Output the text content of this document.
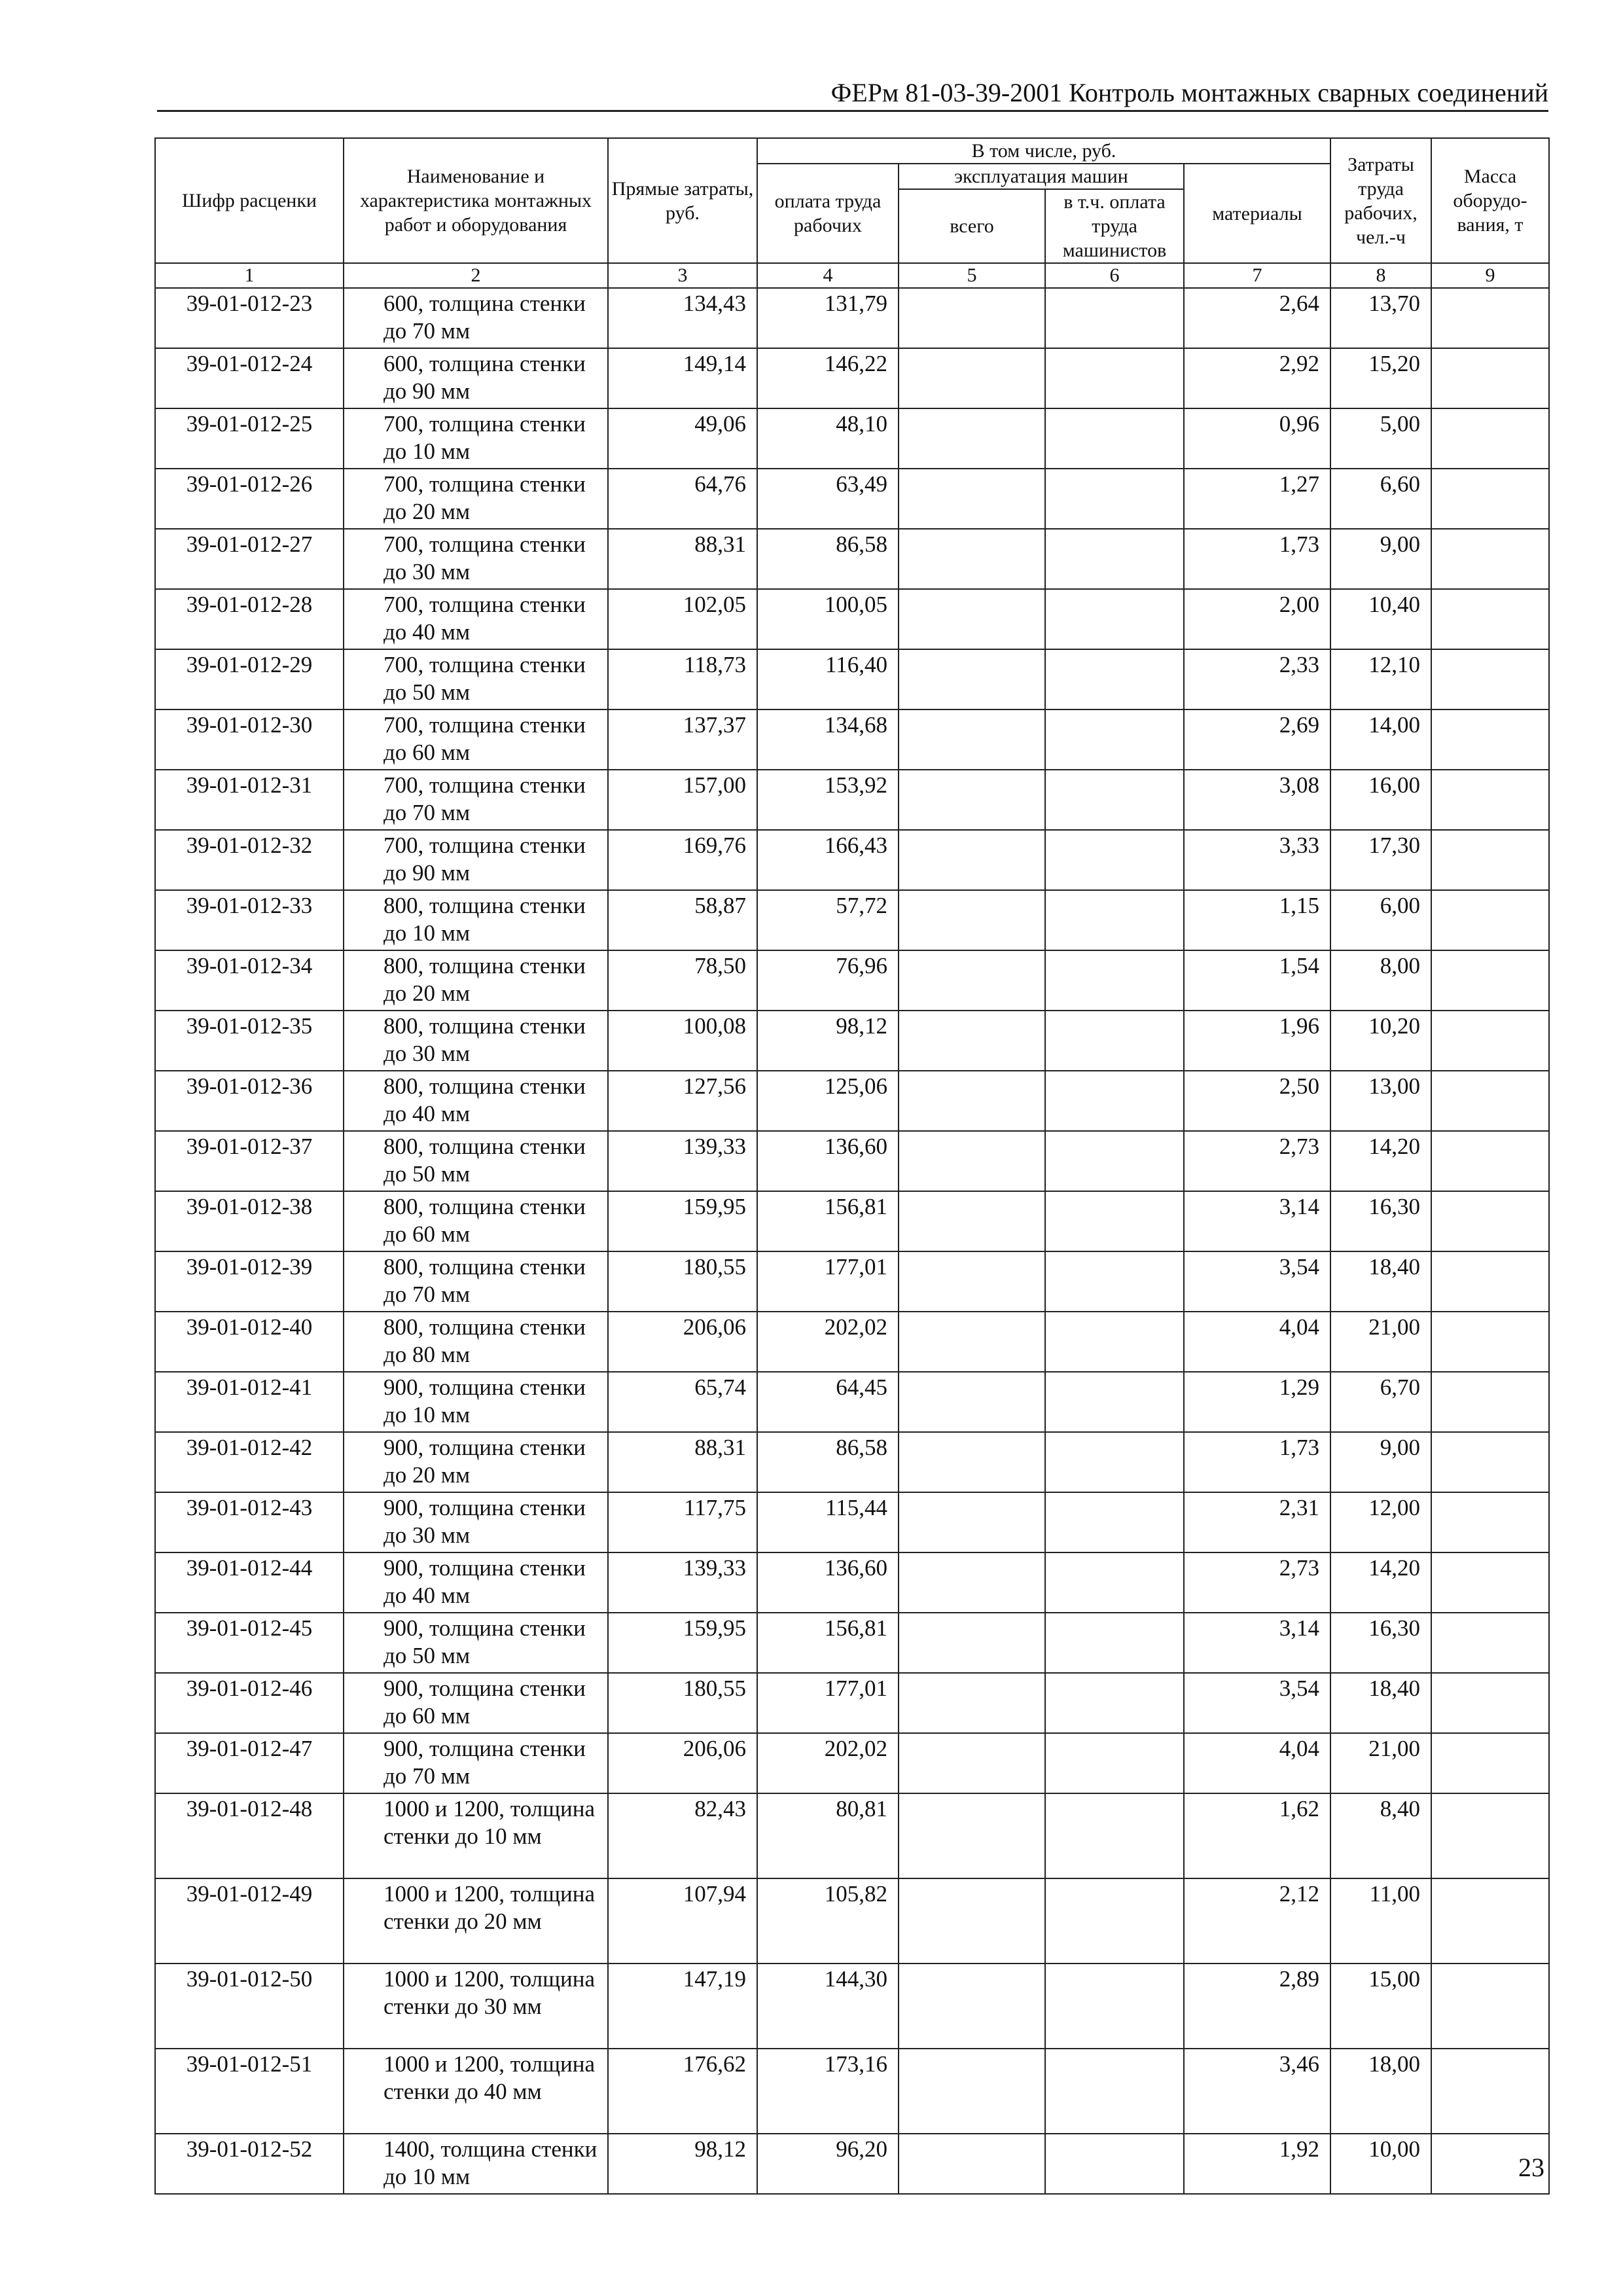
ФЕРм 81-03-39-2001 Контроль монтажных сварных соединений
Шифр расценки	Наименование и характеристика монтажных работ и оборудования	Прямые затраты, руб.	В том числе, руб.				Затраты труда рабочих, чел.-ч	Масса оборудо-вания, т
			оплата труда рабочих	эксплуатация машин		материалы		
				всего	в т.ч. оплата труда машинистов			
1	2	3	4	5	6	7	8	9
39-01-012-23	600, толщина стенки до 70 мм	134,43	131,79			2,64	13,70	
39-01-012-24	600, толщина стенки до 90 мм	149,14	146,22			2,92	15,20	
39-01-012-25	700, толщина стенки до 10 мм	49,06	48,10			0,96	5,00	
39-01-012-26	700, толщина стенки до 20 мм	64,76	63,49			1,27	6,60	
39-01-012-27	700, толщина стенки до 30 мм	88,31	86,58			1,73	9,00	
39-01-012-28	700, толщина стенки до 40 мм	102,05	100,05			2,00	10,40	
39-01-012-29	700, толщина стенки до 50 мм	118,73	116,40			2,33	12,10	
39-01-012-30	700, толщина стенки до 60 мм	137,37	134,68			2,69	14,00	
39-01-012-31	700, толщина стенки до 70 мм	157,00	153,92			3,08	16,00	
39-01-012-32	700, толщина стенки до 90 мм	169,76	166,43			3,33	17,30	
39-01-012-33	800, толщина стенки до 10 мм	58,87	57,72			1,15	6,00	
39-01-012-34	800, толщина стенки до 20 мм	78,50	76,96			1,54	8,00	
39-01-012-35	800, толщина стенки до 30 мм	100,08	98,12			1,96	10,20	
39-01-012-36	800, толщина стенки до 40 мм	127,56	125,06			2,50	13,00	
39-01-012-37	800, толщина стенки до 50 мм	139,33	136,60			2,73	14,20	
39-01-012-38	800, толщина стенки до 60 мм	159,95	156,81			3,14	16,30	
39-01-012-39	800, толщина стенки до 70 мм	180,55	177,01			3,54	18,40	
39-01-012-40	800, толщина стенки до 80 мм	206,06	202,02			4,04	21,00	
39-01-012-41	900, толщина стенки до 10 мм	65,74	64,45			1,29	6,70	
39-01-012-42	900, толщина стенки до 20 мм	88,31	86,58			1,73	9,00	
39-01-012-43	900, толщина стенки до 30 мм	117,75	115,44			2,31	12,00	
39-01-012-44	900, толщина стенки до 40 мм	139,33	136,60			2,73	14,20	
39-01-012-45	900, толщина стенки до 50 мм	159,95	156,81			3,14	16,30	
39-01-012-46	900, толщина стенки до 60 мм	180,55	177,01			3,54	18,40	
39-01-012-47	900, толщина стенки до 70 мм	206,06	202,02			4,04	21,00	
39-01-012-48	1000 и 1200, толщина стенки до 10 мм	82,43	80,81			1,62	8,40	
39-01-012-49	1000 и 1200, толщина стенки до 20 мм	107,94	105,82			2,12	11,00	
39-01-012-50	1000 и 1200, толщина стенки до 30 мм	147,19	144,30			2,89	15,00	
39-01-012-51	1000 и 1200, толщина стенки до 40 мм	176,62	173,16			3,46	18,00	
39-01-012-52	1400, толщина стенки до 10 мм	98,12	96,20			1,92	10,00	
23
